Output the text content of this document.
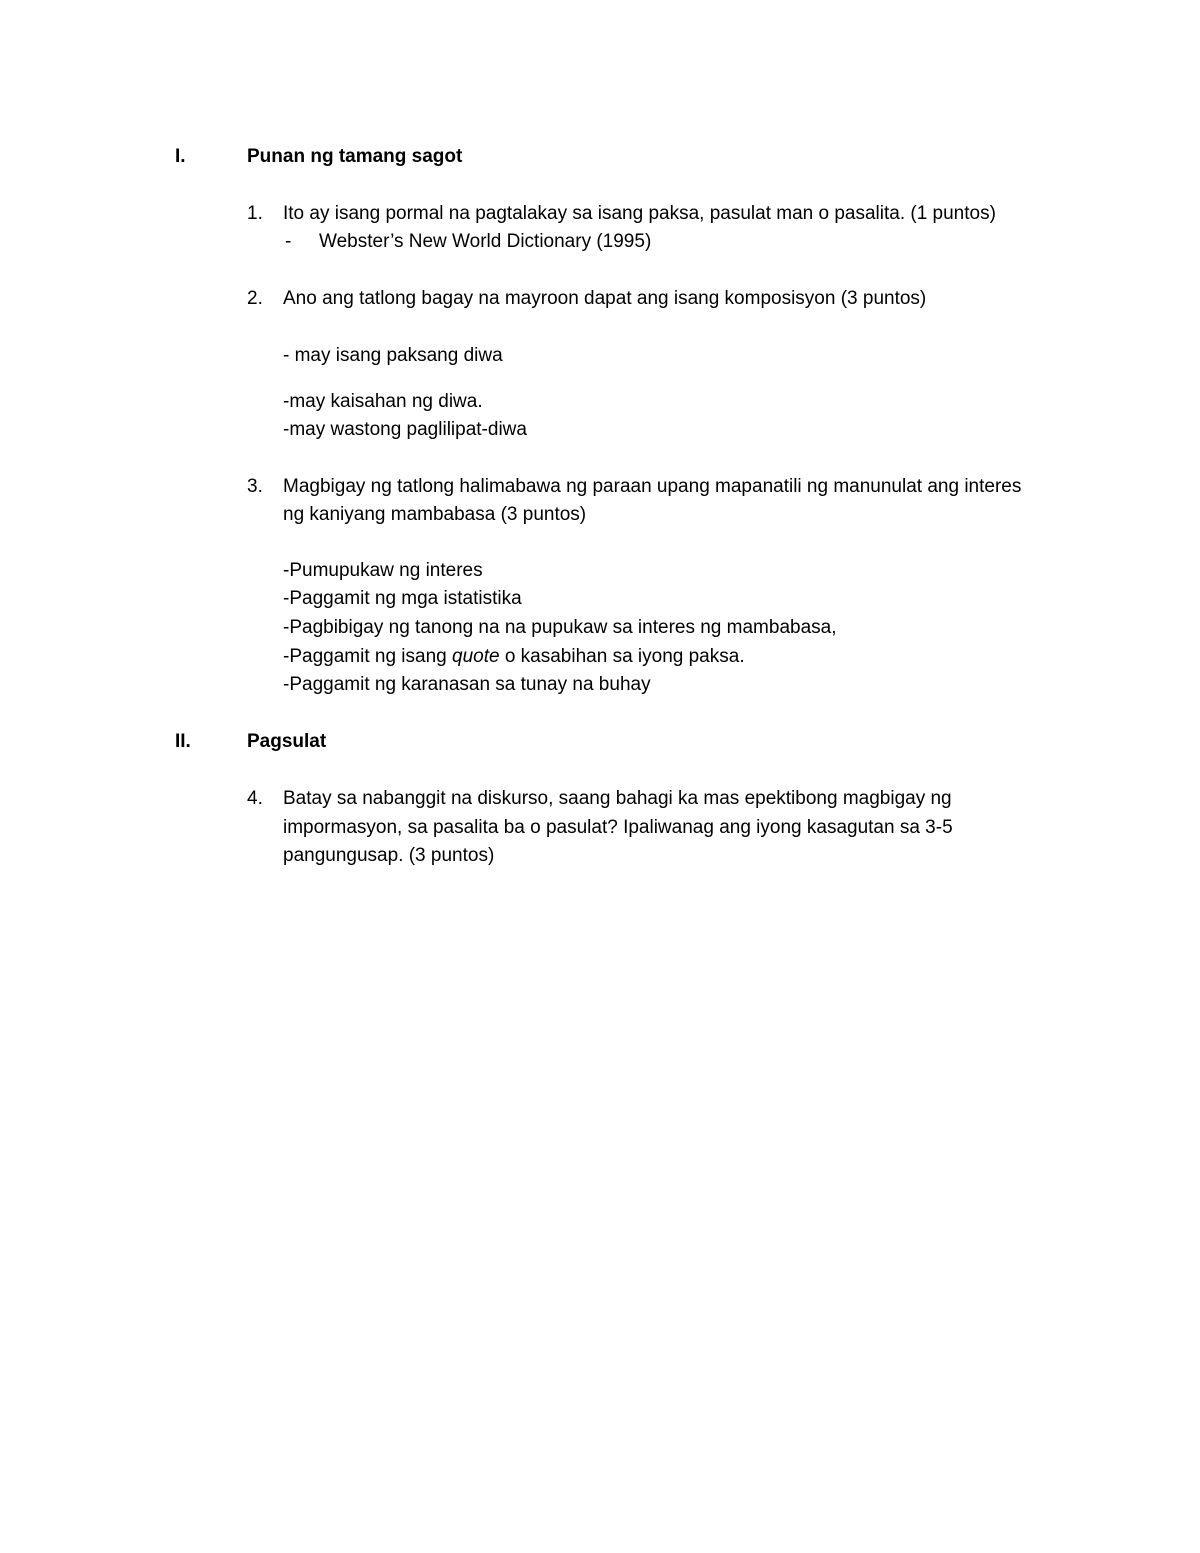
I.	Punan ng tamang sagot
1. Ito ay isang pormal na pagtalakay sa isang paksa, pasulat man o pasalita. (1 puntos)
- Webster’s New World Dictionary (1995)
2. Ano ang tatlong bagay na mayroon dapat ang isang komposisyon (3 puntos)
- may isang paksang diwa
-may kaisahan ng diwa.
-may wastong paglilipat-diwa
3. Magbigay ng tatlong halimabawa ng paraan upang mapanatili ng manunulat ang interes
ng kaniyang mambabasa (3 puntos)
-Pumupukaw ng interes
-Paggamit ng mga istatistika
-Pagbibigay ng tanong na na pupukaw sa interes ng mambabasa,
-Paggamit ng isang quote o kasabihan sa iyong paksa.
-Paggamit ng karanasan sa tunay na buhay
II.	Pagsulat
4. Batay sa nabanggit na diskurso, saang bahagi ka mas epektibong magbigay ng
impormasyon, sa pasalita ba o pasulat? Ipaliwanag ang iyong kasagutan sa 3-5
pangungusap. (3 puntos)
